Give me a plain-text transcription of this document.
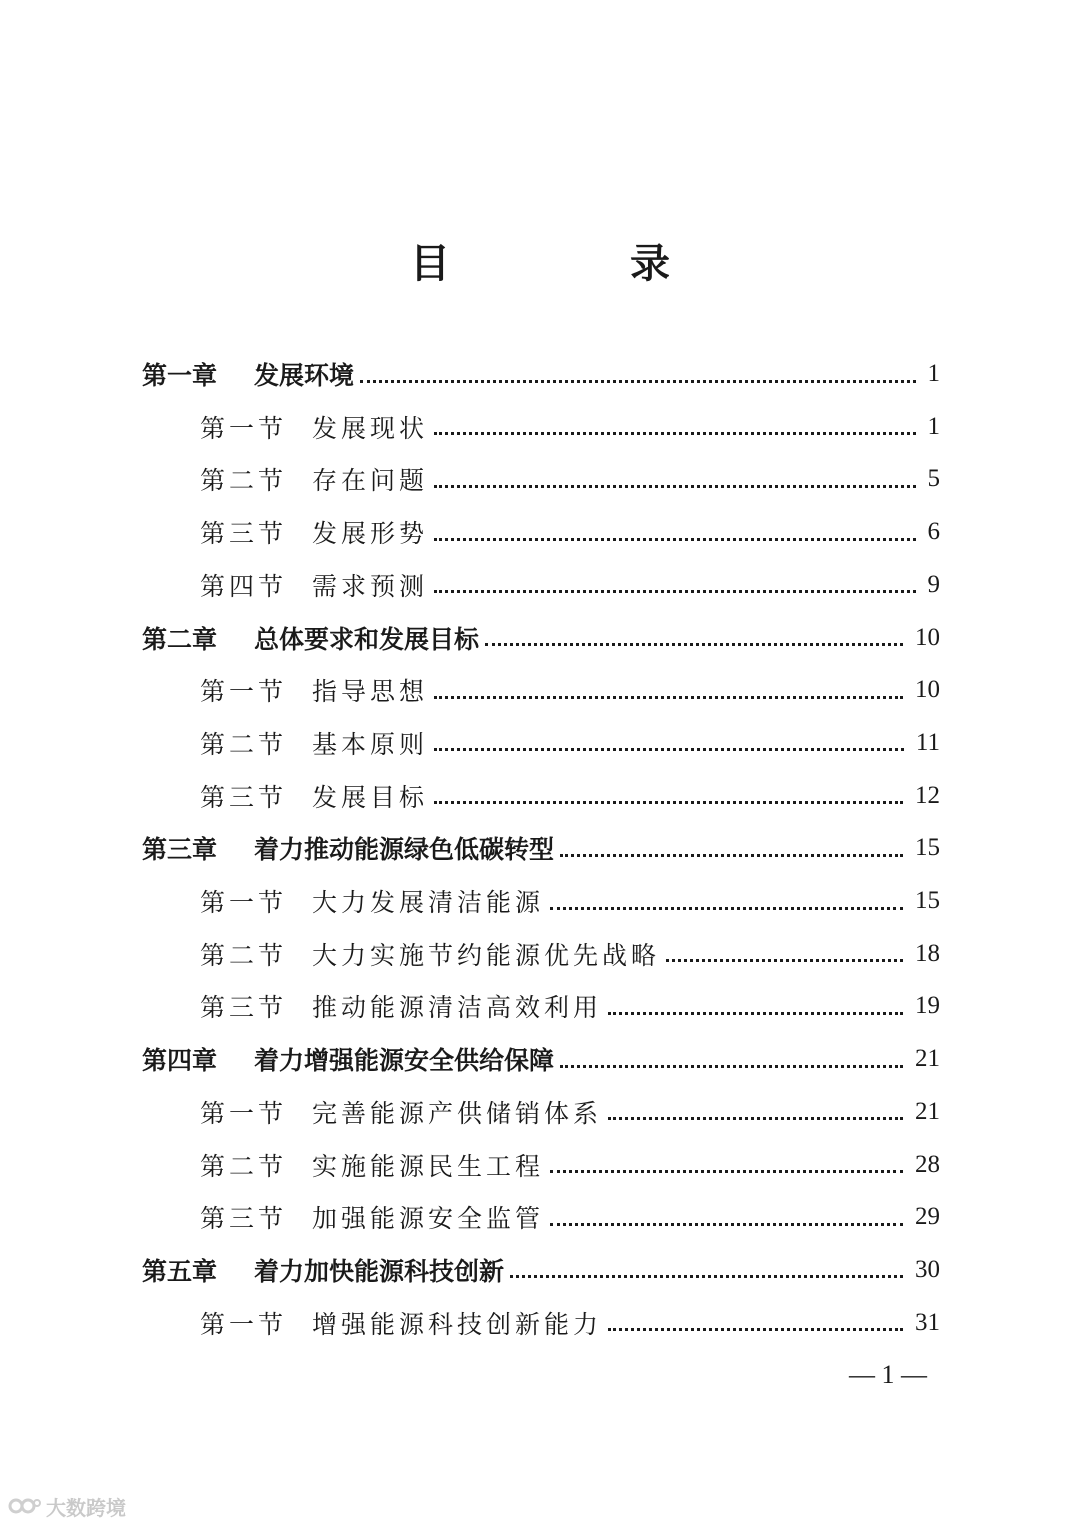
目　录
第一章	发展环境	1
第一节 发展现状	1
第二节 存在问题	5
第三节 发展形势	6
第四节 需求预测	9
第二章	总体要求和发展目标	10
第一节 指导思想	10
第二节 基本原则	11
第三节 发展目标	12
第三章	着力推动能源绿色低碳转型	15
第一节 大力发展清洁能源	15
第二节 大力实施节约能源优先战略	18
第三节 推动能源清洁高效利用	19
第四章	着力增强能源安全供给保障	21
第一节 完善能源产供储销体系	21
第二节 实施能源民生工程	28
第三节 加强能源安全监管	29
第五章	着力加快能源科技创新	30
第一节 增强能源科技创新能力	31
— 1 —
大数跨境
